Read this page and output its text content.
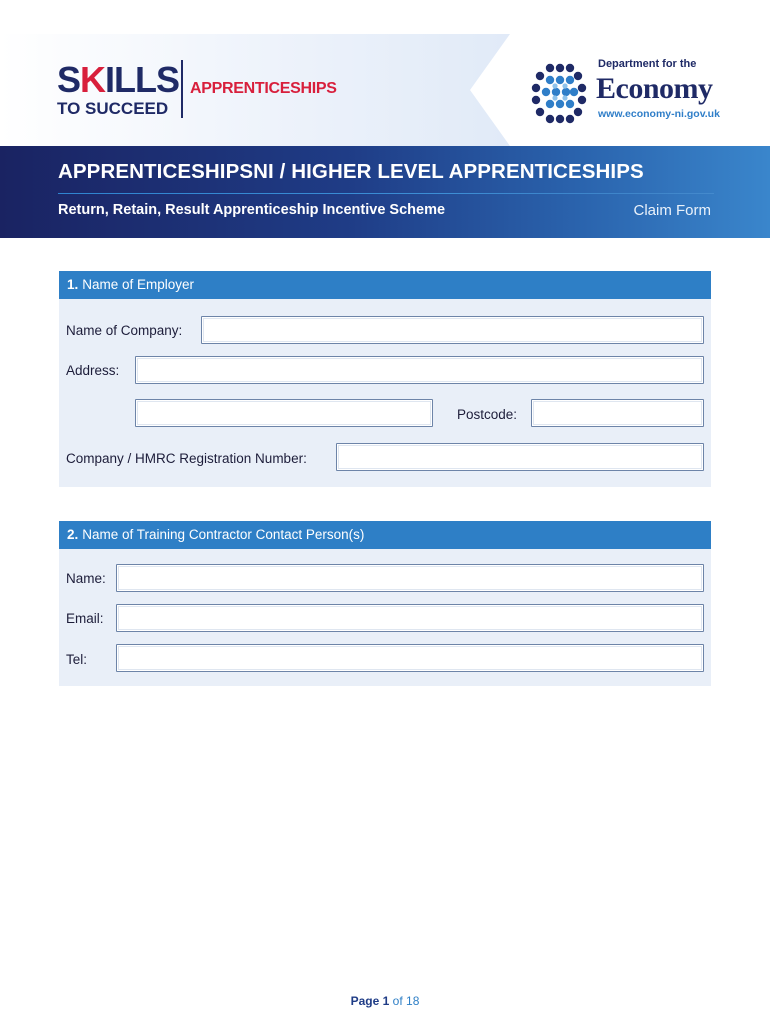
SKILLS
TO SUCCEED
APPRENTICESHIPS
Department for the
Economy
www.economy-ni.gov.uk
APPRENTICESHIPSNI / HIGHER LEVEL APPRENTICESHIPS
Return, Retain, Result Apprenticeship Incentive Scheme	Claim Form
1. Name of Employer
Name of Company:
Address:
Postcode:
Company / HMRC Registration Number:
2. Name of Training Contractor Contact Person(s)
Name:
Email:
Tel:
Page 1 of 18
